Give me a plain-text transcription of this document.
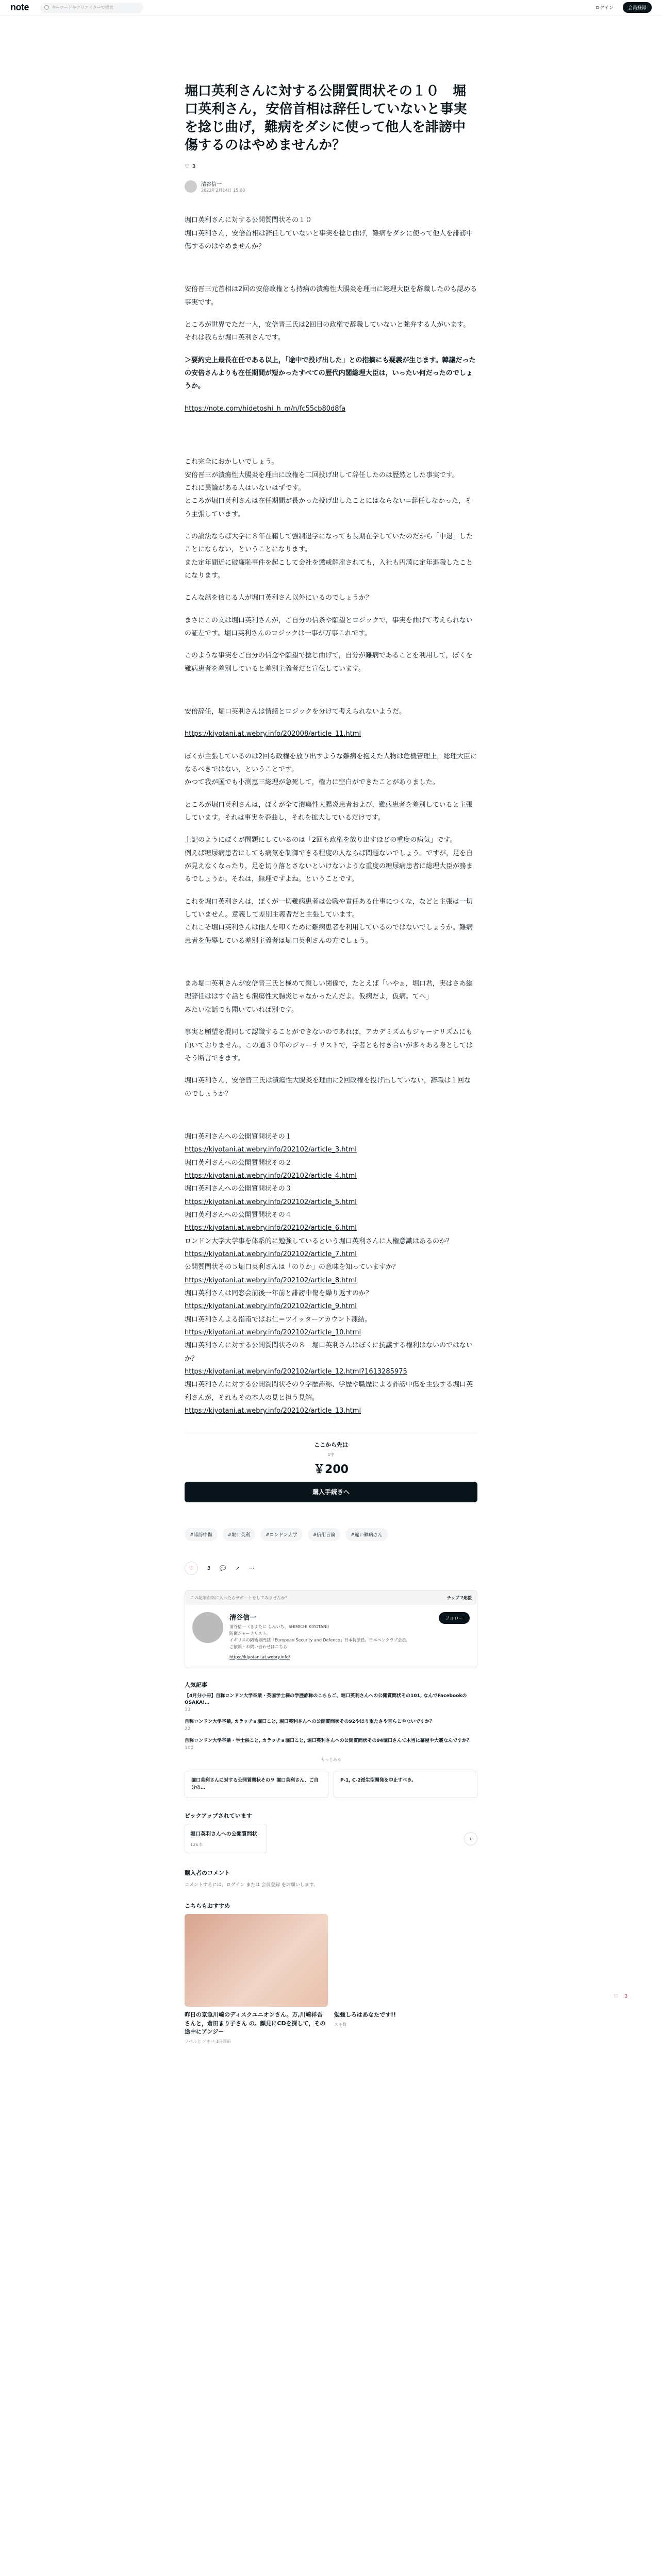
note	キーワードやクリエイターで検索	ログイン	会員登録
♡ 3
堀口英利さんに対する公開質問状その１０　堀口英利さん，安倍首相は辞任していないと事実を捻じ曲げ，難病をダシに使って他人を誹謗中傷するのはやめませんか？
♡ 3
清谷信一
2022年2月14日 15:00

堀口英利さんに対する公開質問状その１０
堀口英利さん，安倍首相は辞任していないと事実を捻じ曲げ，難病をダシに使って他人を誹謗中傷するのはやめませんか？

安倍晋三元首相は2回の安倍政権とも持病の潰瘍性大腸炎を理由に総理大臣を辞職したのも認める事実です。

ところが世界でただ一人，安倍晋三氏は2回目の政権で辞職していないと強弁する人がいます。
それは我らが堀口英利さんです。

＞要約史上最長在任である以上，「途中で投げ出した」との指摘にも疑義が生じます。韓議だったの安倍さんよりも在任期間が短かったすべての歴代内閣総理大臣は，いったい何だったのでしょうか。

https://note.com/hidetoshi_h_m/n/fc55cb80d8fa

これ完全におかしいでしょう。
安倍晋三が潰瘍性大腸炎を理由に政権を二回投げ出して辞任したのは歴然とした事実です。
これに異論がある人はいないはずです。
ところが堀口英利さんは在任期間が長かった投げ出したことにはならない=辞任しなかった，そう主張しています。

この論法ならば大学に８年在籍して強制退学になっても長期在学していたのだから「中退」したことにならない，ということになります。
また定年間近に破廉恥事件を起こして会社を懲戒解雇されても，入社も円満に定年退職したことになります。

こんな話を信じる人が堀口英利さん以外にいるのでしょうか？

まさにこの文は堀口英利さんが，ご自分の信条や願望とロジックで，事実を曲げて考えられないの証左です。堀口英利さんのロジックは一事が万事これです。

このような事実をご自分の信念や願望で捻じ曲げて，自分が難病であることを利用して，ぼくを難病患者を差別していると差別主義者だと宣伝しています。

安倍辞任，堀口英利さんは情緒とロジックを分けて考えられないようだ。

https://kiyotani.at.webry.info/202008/article_11.html

ぼくが主張しているのは2回も政権を放り出すような難病を抱えた人物は危機管理上，総理大臣になるべきではない，ということです。
かつて我が国でも小渕恵三総理が急死して，権力に空白ができたことがありました。

ところが堀口英利さんは，ぼくが全て潰瘍性大腸炎患者および，難病患者を差別していると主張しています。それは事実を歪曲し，それを拡大しているだけです。

上記のようにぼくが問題にしているのは「2回も政権を放り出すほどの重度の病気」です。
例えば糖尿病患者にしても病気を制御できる程度の人ならば問題ないでしょう。ですが，足を自が見えなくなったり，足を切り落とさないといけないような重度の糖尿病患者に総理大臣が務まるでしょうか。それは，無理ですよね。ということです。

これを堀口英利さんは，ぼくが一切難病患者は公職や責任ある仕事につくな，などと主張は一切していません。意義して差別主義者だと主張しています。
これこそ堀口英利さんは他人を叩くために難病患者を利用しているのではないでしょうか。難病患者を侮辱している差別主義者は堀口英利さんの方でしょう。

まあ堀口英利さんが安倍晋三氏と極めて親しい関係で，たとえば「いやぁ，堀口君，実はさあ総理辞任ははすぐ話とも潰瘍性大腸炎じゃなかったんだよ。仮病だよ，仮病。てへ」
みたいな話でも聞いていれば別です。

事実と願望を混同して認識することができないのであれば，アカデミズムもジャーナリズムにも向いておりません。この道３０年のジャーナリストで，学者とも付き合いが多々ある身としてはそう断言できます。

堀口英利さん，安倍晋三氏は潰瘍性大腸炎を理由に2回政権を投げ出していない，辞職は１回なのでしょうか？

堀口英利さんへの公開質問状その１
https://kiyotani.at.webry.info/202102/article_3.html
堀口英利さんへの公開質問状その２
https://kiyotani.at.webry.info/202102/article_4.html
堀口英利さんへの公開質問状その３
https://kiyotani.at.webry.info/202102/article_5.html
堀口英利さんへの公開質問状その４
https://kiyotani.at.webry.info/202102/article_6.html
ロンドン大学大学事を体系的に勉強しているという堀口英利さんに人権意識はあるのか？
https://kiyotani.at.webry.info/202102/article_7.html
公開質問状その５堀口英利さんは「のりか」の意味を知っていますか？
https://kiyotani.at.webry.info/202102/article_8.html
堀口英利さんは同窓会前後一年前と誹謗中傷を繰り返すのか？
https://kiyotani.at.webry.info/202102/article_9.html
堀口英利さんよる指南ではお仁＝ツイッターアカウント凍結。
https://kiyotani.at.webry.info/202102/article_10.html
堀口英利さんに対する公開質問状その８　堀口英利さんはぼくに抗議する権利はないのではないか？
https://kiyotani.at.webry.info/202102/article_12.html?1613285975
堀口英利さんに対する公開質問状その９学歴詐称、学歴や職歴による詐謗中傷を主張する堀口英利さんが，それもその本人の見と担う見解。
https://kiyotani.at.webry.info/202102/article_13.html
ここから先は
1字
￥200
購入手続きへ
#誹謗中傷	#堀口英利	#ロンドン大学	#信用言論	#違い難病さん
♡	3 💬 ↗ ⋯
この記事が気に入ったらサポートをしてみませんか？	チップで応援
清谷信一
清谷信一（きよたに しんいち、SHIMICHI KIYOTANI）
防衛ジャーナリスト。
イギリスの防衛専門誌「European Security and Defence」日本特派員。日本ペンクラブ会員。
ご依頼・お問い合わせはこちら
https://kiyotani.at.webry.info/
フォロー
人気記事
【4月分小冊】自称ロンドン大学卒業・英国学士様の学歴詐称のこちらご、堀口英利さんへの公開質問状その101, なんでFacebookのOSAKA!…
33
自称ロンドン大学卒業, カラッチョ堀口こと, 堀口英利さんへの公開質問状その92やはり重たさや言らこやないですか？
22
自称ロンドン大学卒業・学士候こと, カラッチョ堀口こと, 堀口英利さんへの公開質問状その94堀口さんて木当に幕屋や大裏なんですか？
100
もっとみる
堀口英利さんに対する公開質問状その９ 堀口英利さん、ご自分の…
P-1, C-2派生型開発を中止すべき。
ピックアップされています
堀口英利さんへの公開質問状
126本
›
購入者のコメント
コメントするには，ログイン または 会員登録 をお願いします。
こちらもおすすめ
昨日の京急川崎のディスクユニオンさん。万,川崎祥吾さんと，倉田まり子さん の。顔見にCDを探して，その途中にアンジー
ラベルと アキパ 1時間前
勉強しろはあなたです!!
スキ数
